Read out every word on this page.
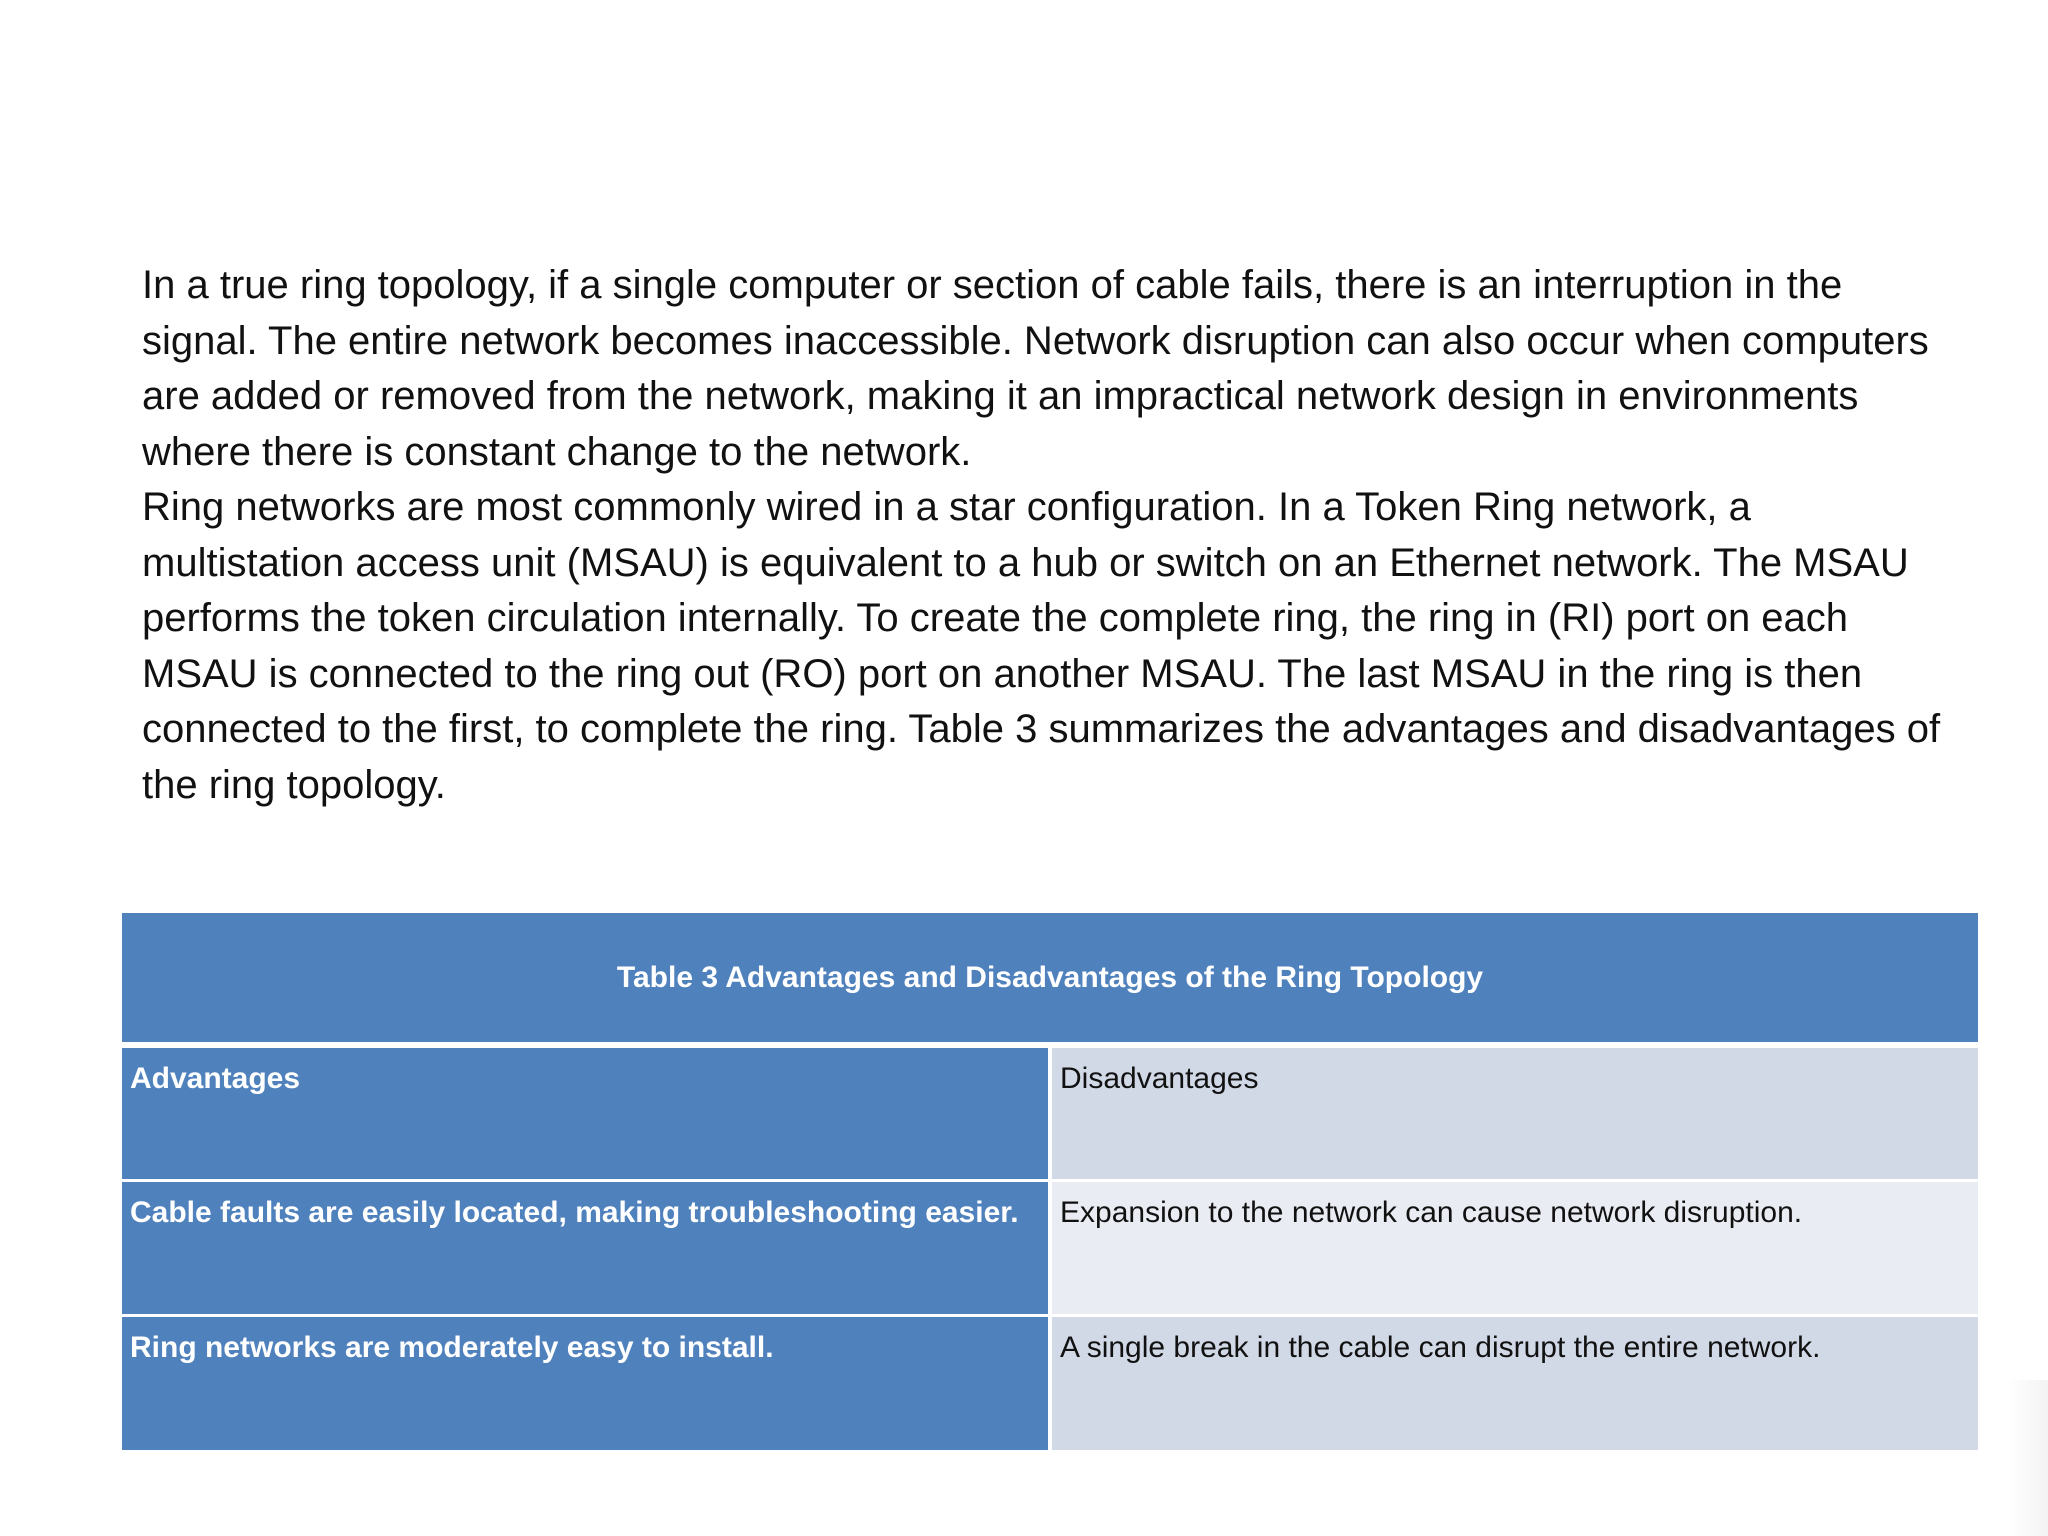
In a true ring topology, if a single computer or section of cable fails, there is an interruption in the signal. The entire network becomes inaccessible. Network disruption can also occur when computers are added or removed from the network, making it an impractical network design in environments where there is constant change to the network.

Ring networks are most commonly wired in a star configuration. In a Token Ring network, a multistation access unit (MSAU) is equivalent to a hub or switch on an Ethernet network. The MSAU performs the token circulation internally. To create the complete ring, the ring in (RI) port on each MSAU is connected to the ring out (RO) port on another MSAU. The last MSAU in the ring is then connected to the first, to complete the ring. Table 3 summarizes the advantages and disadvantages of the ring topology.

Table 3 Advantages and Disadvantages of the Ring Topology	
Advantages	Disadvantages
Cable faults are easily located, making troubleshooting easier.	Expansion to the network can cause network disruption.
Ring networks are moderately easy to install.	A single break in the cable can disrupt the entire network.
